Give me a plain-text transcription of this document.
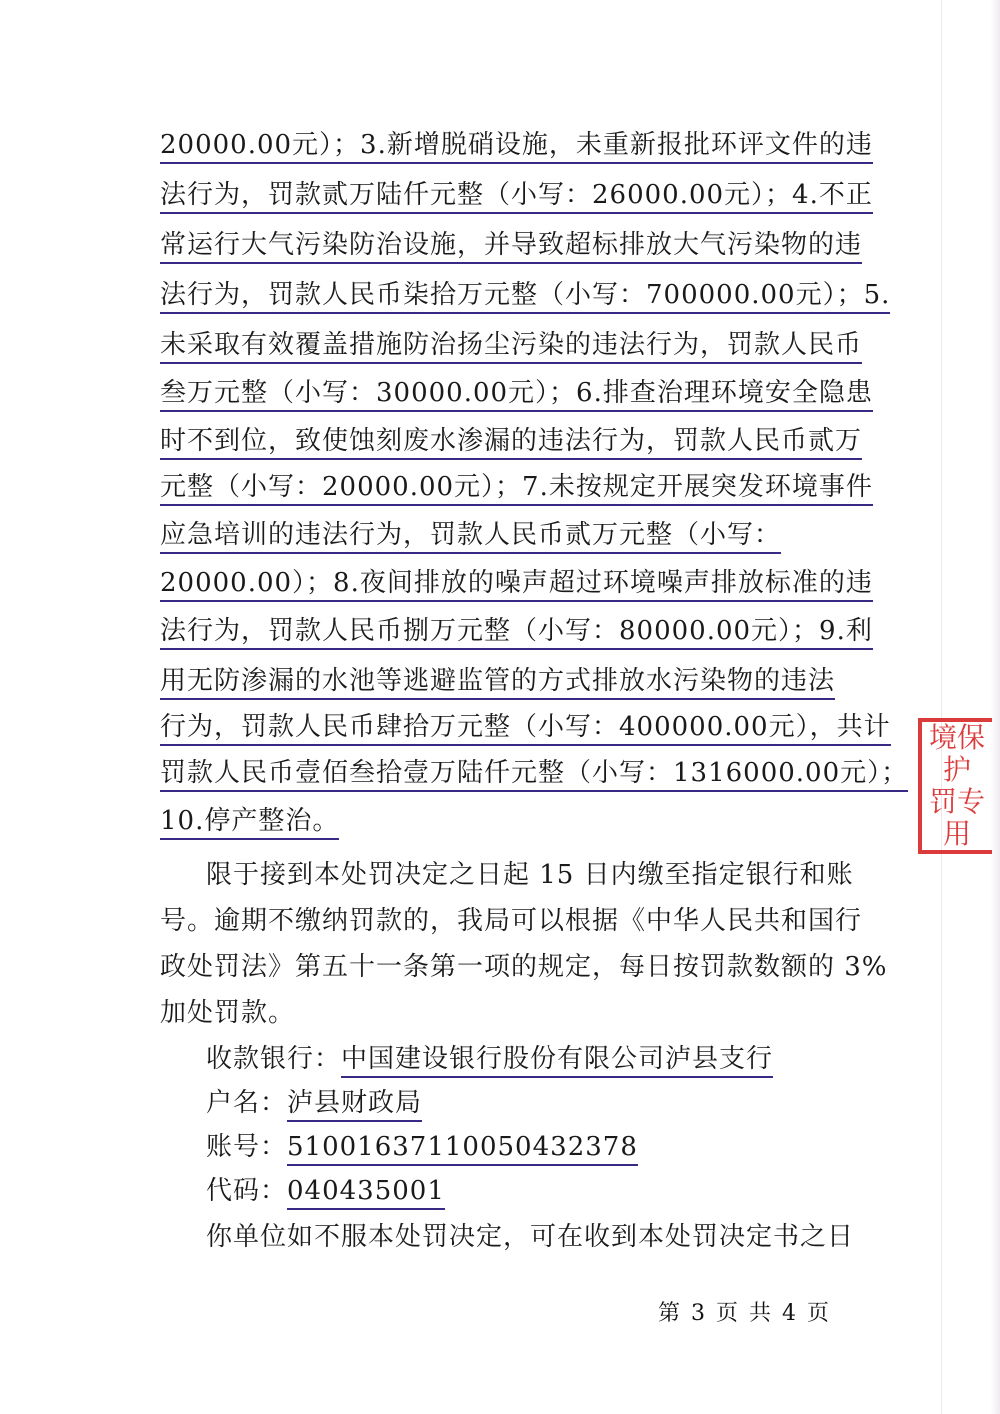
20000.00元）；3.新增脱硝设施，未重新报批环评文件的违
法行为，罚款贰万陆仟元整（小写：26000.00元）；4.不正
常运行大气污染防治设施，并导致超标排放大气污染物的违
法行为，罚款人民币柒拾万元整（小写：700000.00元）；5.
未采取有效覆盖措施防治扬尘污染的违法行为，罚款人民币
叁万元整（小写：30000.00元）；6.排查治理环境安全隐患
时不到位，致使蚀刻废水渗漏的违法行为，罚款人民币贰万
元整（小写：20000.00元）；7.未按规定开展突发环境事件
应急培训的违法行为，罚款人民币贰万元整（小写：
20000.00）；8.夜间排放的噪声超过环境噪声排放标准的违
法行为，罚款人民币捌万元整（小写：80000.00元）；9.利
用无防渗漏的水池等逃避监管的方式排放水污染物的违法
行为，罚款人民币肆拾万元整（小写：400000.00元），共计
罚款人民币壹佰叁拾壹万陆仟元整（小写：1316000.00元）；
10.停产整治。
限于接到本处罚决定之日起 15 日内缴至指定银行和账
号。逾期不缴纳罚款的，我局可以根据《中华人民共和国行
政处罚法》第五十一条第一项的规定，每日按罚款数额的 3%
加处罚款。
收款银行：中国建设银行股份有限公司泸县支行
户名：泸县财政局
账号：51001637110050432378
代码：040435001
你单位如不服本处罚决定，可在收到本处罚决定书之日
境保护
罚专用
第 3 页 共 4 页
